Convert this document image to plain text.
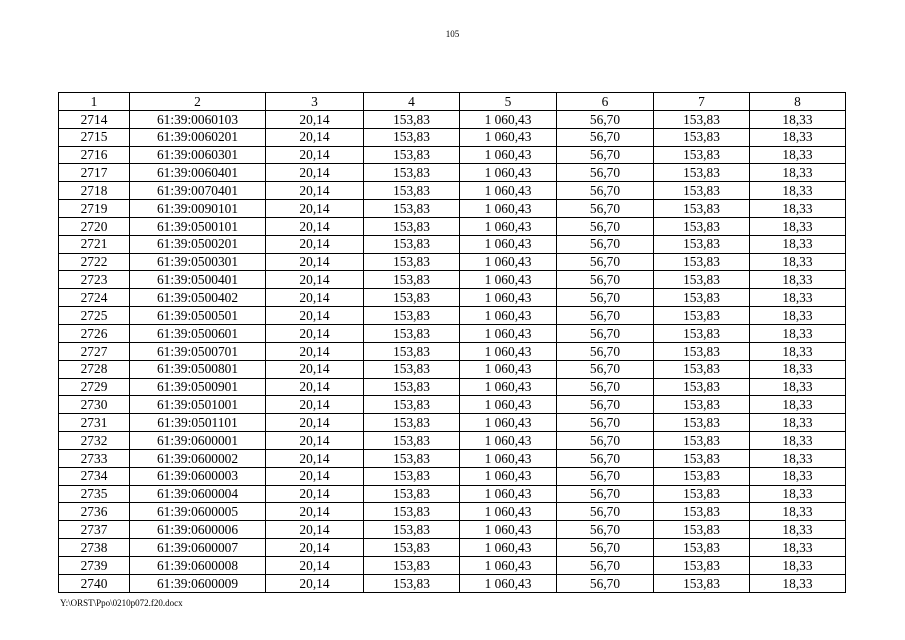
105
1	2	3	4	5	6	7	8
2714	61:39:0060103	20,14	153,83	1 060,43	56,70	153,83	18,33
2715	61:39:0060201	20,14	153,83	1 060,43	56,70	153,83	18,33
2716	61:39:0060301	20,14	153,83	1 060,43	56,70	153,83	18,33
2717	61:39:0060401	20,14	153,83	1 060,43	56,70	153,83	18,33
2718	61:39:0070401	20,14	153,83	1 060,43	56,70	153,83	18,33
2719	61:39:0090101	20,14	153,83	1 060,43	56,70	153,83	18,33
2720	61:39:0500101	20,14	153,83	1 060,43	56,70	153,83	18,33
2721	61:39:0500201	20,14	153,83	1 060,43	56,70	153,83	18,33
2722	61:39:0500301	20,14	153,83	1 060,43	56,70	153,83	18,33
2723	61:39:0500401	20,14	153,83	1 060,43	56,70	153,83	18,33
2724	61:39:0500402	20,14	153,83	1 060,43	56,70	153,83	18,33
2725	61:39:0500501	20,14	153,83	1 060,43	56,70	153,83	18,33
2726	61:39:0500601	20,14	153,83	1 060,43	56,70	153,83	18,33
2727	61:39:0500701	20,14	153,83	1 060,43	56,70	153,83	18,33
2728	61:39:0500801	20,14	153,83	1 060,43	56,70	153,83	18,33
2729	61:39:0500901	20,14	153,83	1 060,43	56,70	153,83	18,33
2730	61:39:0501001	20,14	153,83	1 060,43	56,70	153,83	18,33
2731	61:39:0501101	20,14	153,83	1 060,43	56,70	153,83	18,33
2732	61:39:0600001	20,14	153,83	1 060,43	56,70	153,83	18,33
2733	61:39:0600002	20,14	153,83	1 060,43	56,70	153,83	18,33
2734	61:39:0600003	20,14	153,83	1 060,43	56,70	153,83	18,33
2735	61:39:0600004	20,14	153,83	1 060,43	56,70	153,83	18,33
2736	61:39:0600005	20,14	153,83	1 060,43	56,70	153,83	18,33
2737	61:39:0600006	20,14	153,83	1 060,43	56,70	153,83	18,33
2738	61:39:0600007	20,14	153,83	1 060,43	56,70	153,83	18,33
2739	61:39:0600008	20,14	153,83	1 060,43	56,70	153,83	18,33
2740	61:39:0600009	20,14	153,83	1 060,43	56,70	153,83	18,33
Y:\ORST\Ppo\0210p072.f20.docx
